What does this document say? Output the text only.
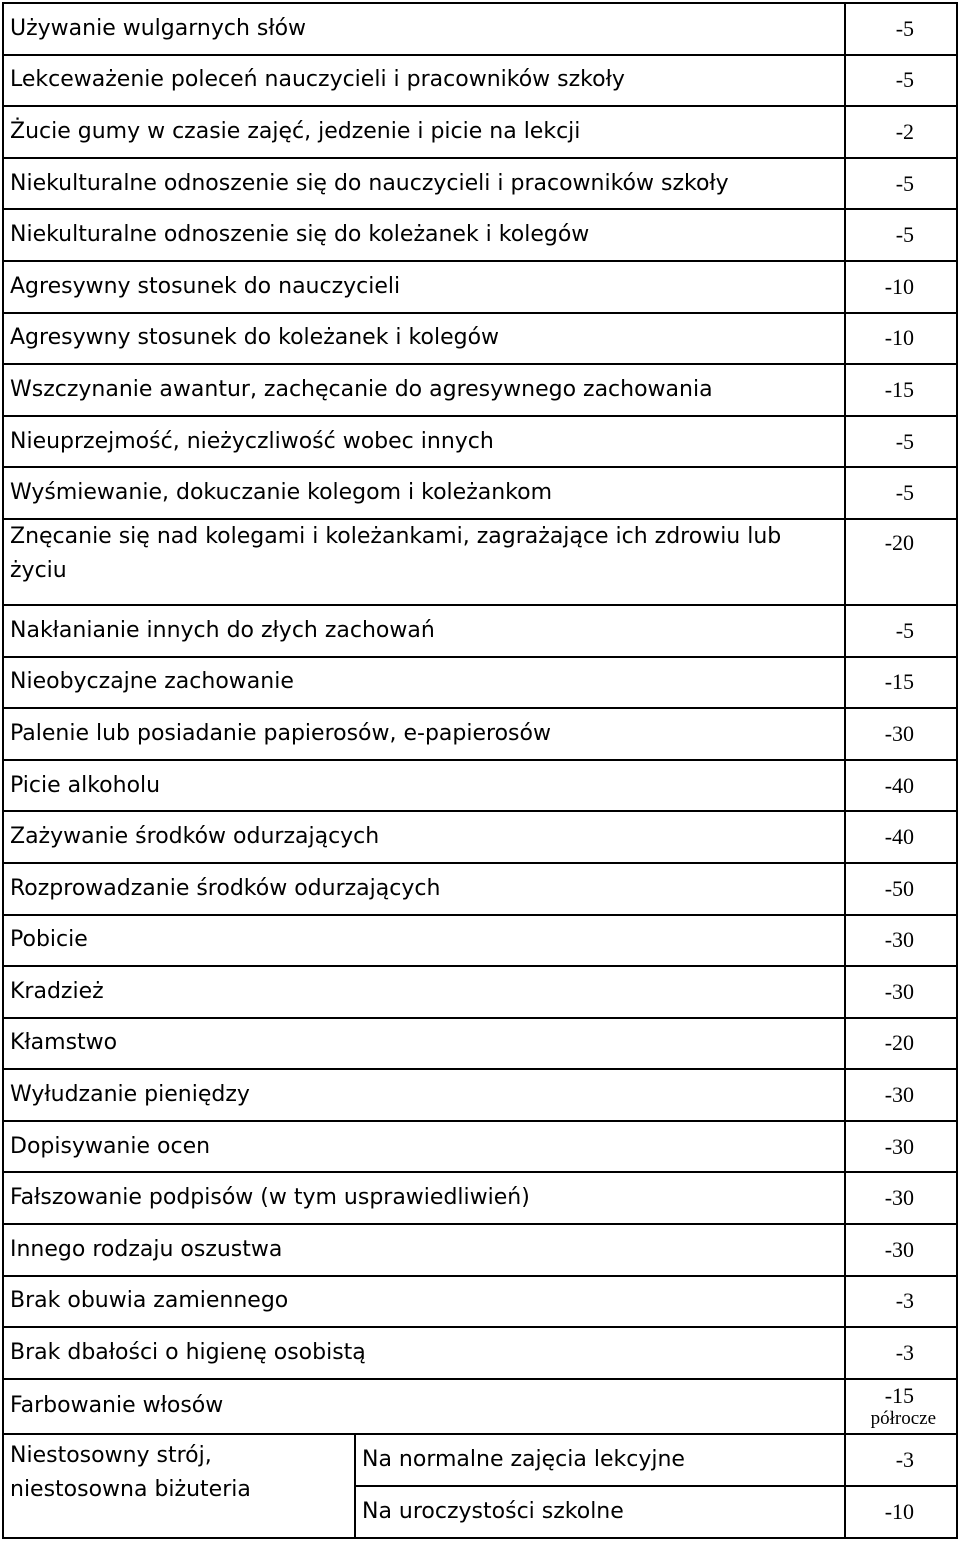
Używanie wulgarnych słów		-5
Lekceważenie poleceń nauczycieli i pracowników szkoły		-5
Żucie gumy w czasie zajęć, jedzenie i picie na lekcji		-2
Niekulturalne odnoszenie się do nauczycieli i pracowników szkoły		-5
Niekulturalne odnoszenie się do koleżanek i kolegów		-5
Agresywny stosunek do nauczycieli		-10
Agresywny stosunek do koleżanek i kolegów		-10
Wszczynanie awantur, zachęcanie do agresywnego zachowania		-15
Nieuprzejmość, nieżyczliwość wobec innych		-5
Wyśmiewanie, dokuczanie kolegom i koleżankom		-5
Znęcanie się nad kolegami i koleżankami, zagrażające ich zdrowiu lub
życiu		-20
Nakłanianie innych do złych zachowań		-5
Nieobyczajne zachowanie		-15
Palenie lub posiadanie papierosów, e-papierosów		-30
Picie alkoholu		-40
Zażywanie środków odurzających		-40
Rozprowadzanie środków odurzających		-50
Pobicie		-30
Kradzież		-30
Kłamstwo		-20
Wyłudzanie pieniędzy		-30
Dopisywanie ocen		-30
Fałszowanie podpisów (w tym usprawiedliwień)		-30
Innego rodzaju oszustwa		-30
Brak obuwia zamiennego		-3
Brak dbałości o higienę osobistą		-3
Farbowanie włosów		-15
półrocze

Niestosowny strój,
niestosowna biżuteria	Na normalne zajęcia lekcyjne	-3
	Na uroczystości szkolne	-10
